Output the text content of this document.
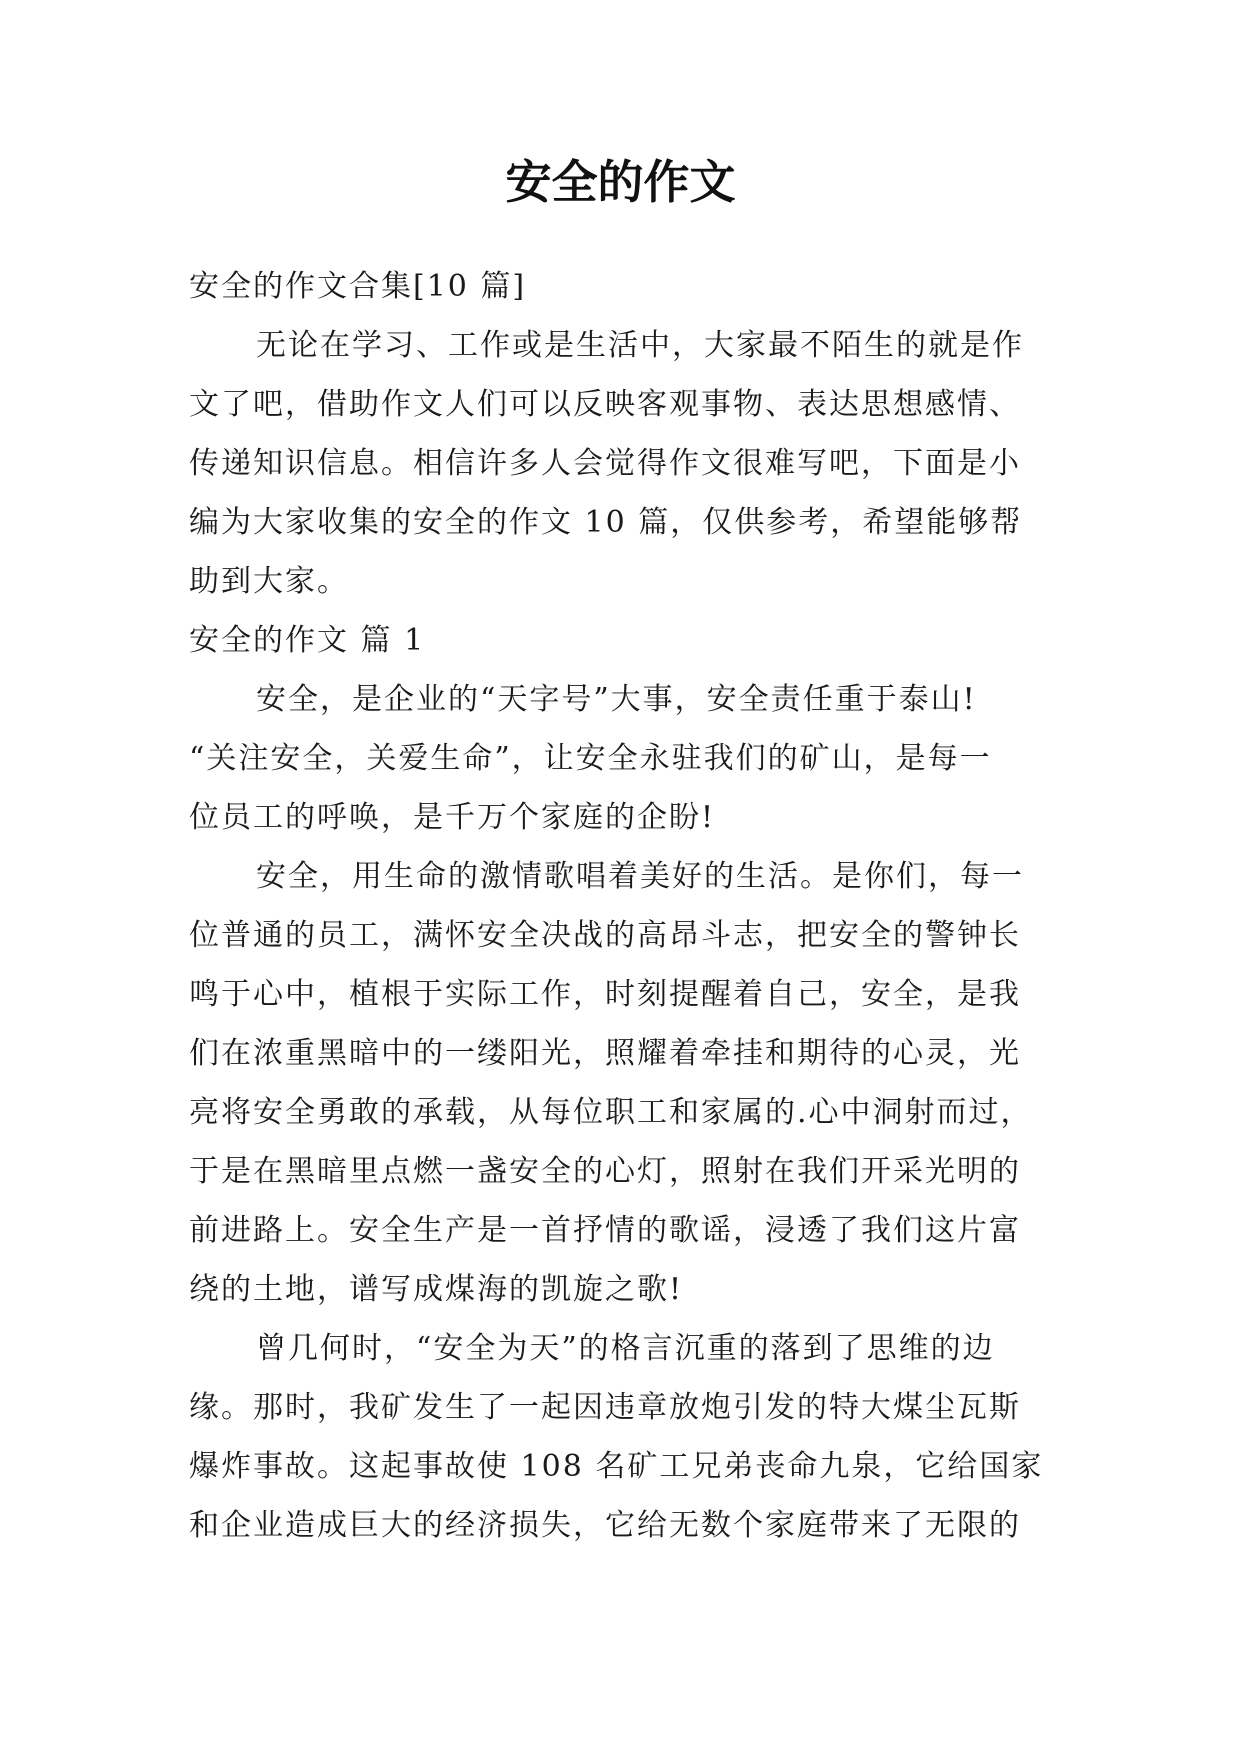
安全的作文
安全的作文合集[10 篇]
无论在学习、工作或是生活中，大家最不陌生的就是作
文了吧，借助作文人们可以反映客观事物、表达思想感情、
传递知识信息。相信许多人会觉得作文很难写吧，下面是小
编为大家收集的安全的作文 10 篇，仅供参考，希望能够帮
助到大家。
安全的作文 篇 1
安全，是企业的“天字号”大事，安全责任重于泰山!
“关注安全，关爱生命”，让安全永驻我们的矿山，是每一
位员工的呼唤，是千万个家庭的企盼!
安全，用生命的激情歌唱着美好的生活。是你们，每一
位普通的员工，满怀安全决战的高昂斗志，把安全的警钟长
鸣于心中，植根于实际工作，时刻提醒着自己，安全，是我
们在浓重黑暗中的一缕阳光，照耀着牵挂和期待的心灵，光
亮将安全勇敢的承载，从每位职工和家属的.心中洞射而过，
于是在黑暗里点燃一盏安全的心灯，照射在我们开采光明的
前进路上。安全生产是一首抒情的歌谣，浸透了我们这片富
绕的土地，谱写成煤海的凯旋之歌!
曾几何时，“安全为天”的格言沉重的落到了思维的边
缘。那时，我矿发生了一起因违章放炮引发的特大煤尘瓦斯
爆炸事故。这起事故使 108 名矿工兄弟丧命九泉，它给国家
和企业造成巨大的经济损失，它给无数个家庭带来了无限的
